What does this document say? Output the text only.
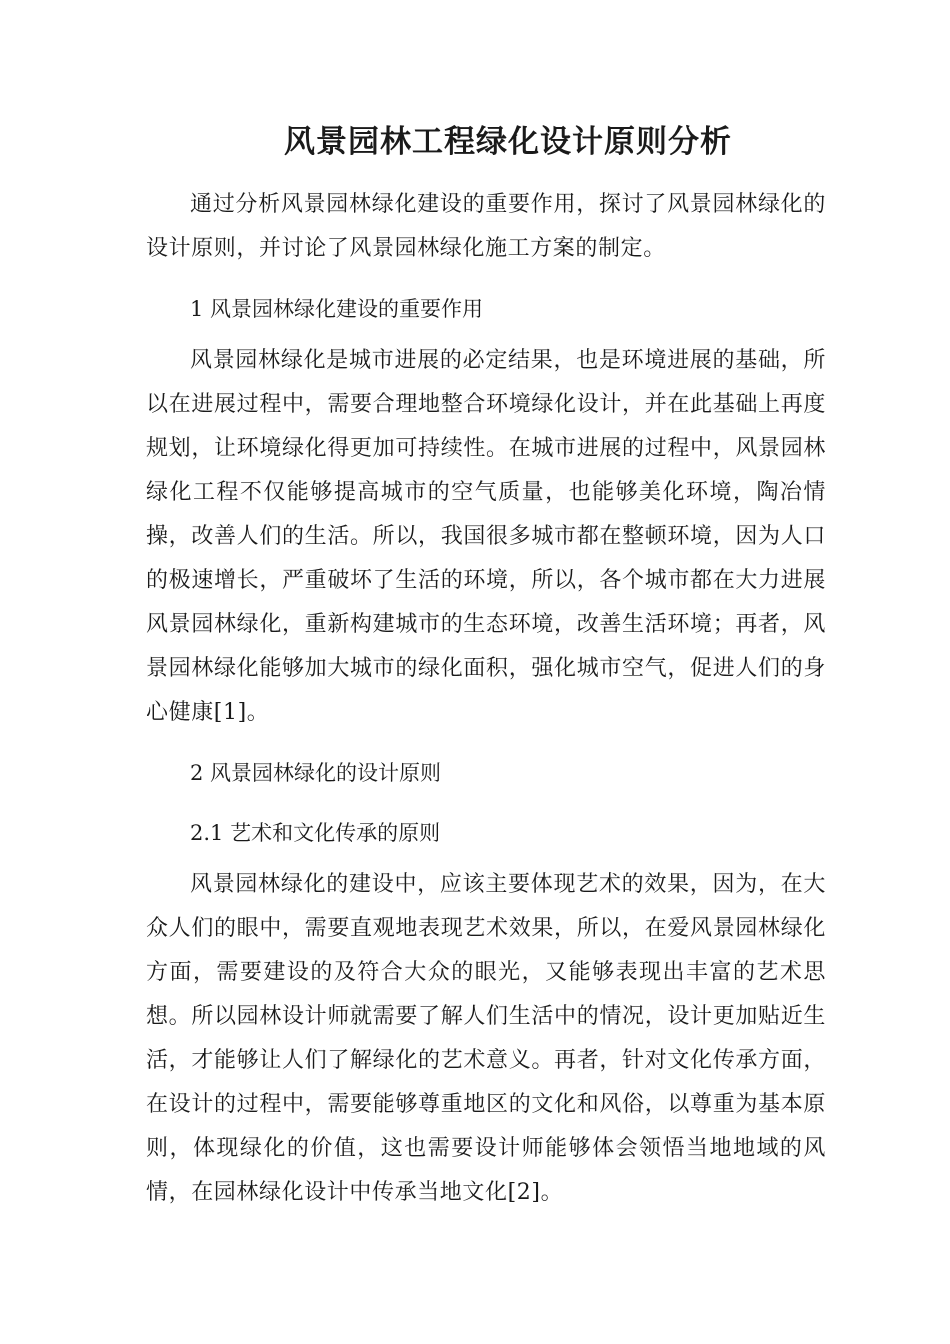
风景园林工程绿化设计原则分析

通过分析风景园林绿化建设的重要作用，探讨了风景园林绿化的设计原则，并讨论了风景园林绿化施工方案的制定。

1 风景园林绿化建设的重要作用

风景园林绿化是城市进展的必定结果，也是环境进展的基础，所以在进展过程中，需要合理地整合环境绿化设计，并在此基础上再度规划，让环境绿化得更加可持续性。在城市进展的过程中，风景园林绿化工程不仅能够提高城市的空气质量，也能够美化环境，陶冶情操，改善人们的生活。所以，我国很多城市都在整顿环境，因为人口的极速增长，严重破坏了生活的环境，所以，各个城市都在大力进展风景园林绿化，重新构建城市的生态环境，改善生活环境；再者，风景园林绿化能够加大城市的绿化面积，强化城市空气，促进人们的身心健康[1]。

2 风景园林绿化的设计原则
2.1 艺术和文化传承的原则

风景园林绿化的建设中，应该主要体现艺术的效果，因为，在大众人们的眼中，需要直观地表现艺术效果，所以，在爱风景园林绿化方面，需要建设的及符合大众的眼光，又能够表现出丰富的艺术思想。所以园林设计师就需要了解人们生活中的情况，设计更加贴近生活，才能够让人们了解绿化的艺术意义。再者，针对文化传承方面，在设计的过程中，需要能够尊重地区的文化和风俗，以尊重为基本原则，体现绿化的价值，这也需要设计师能够体会领悟当地地域的风情，在园林绿化设计中传承当地文化[2]。
